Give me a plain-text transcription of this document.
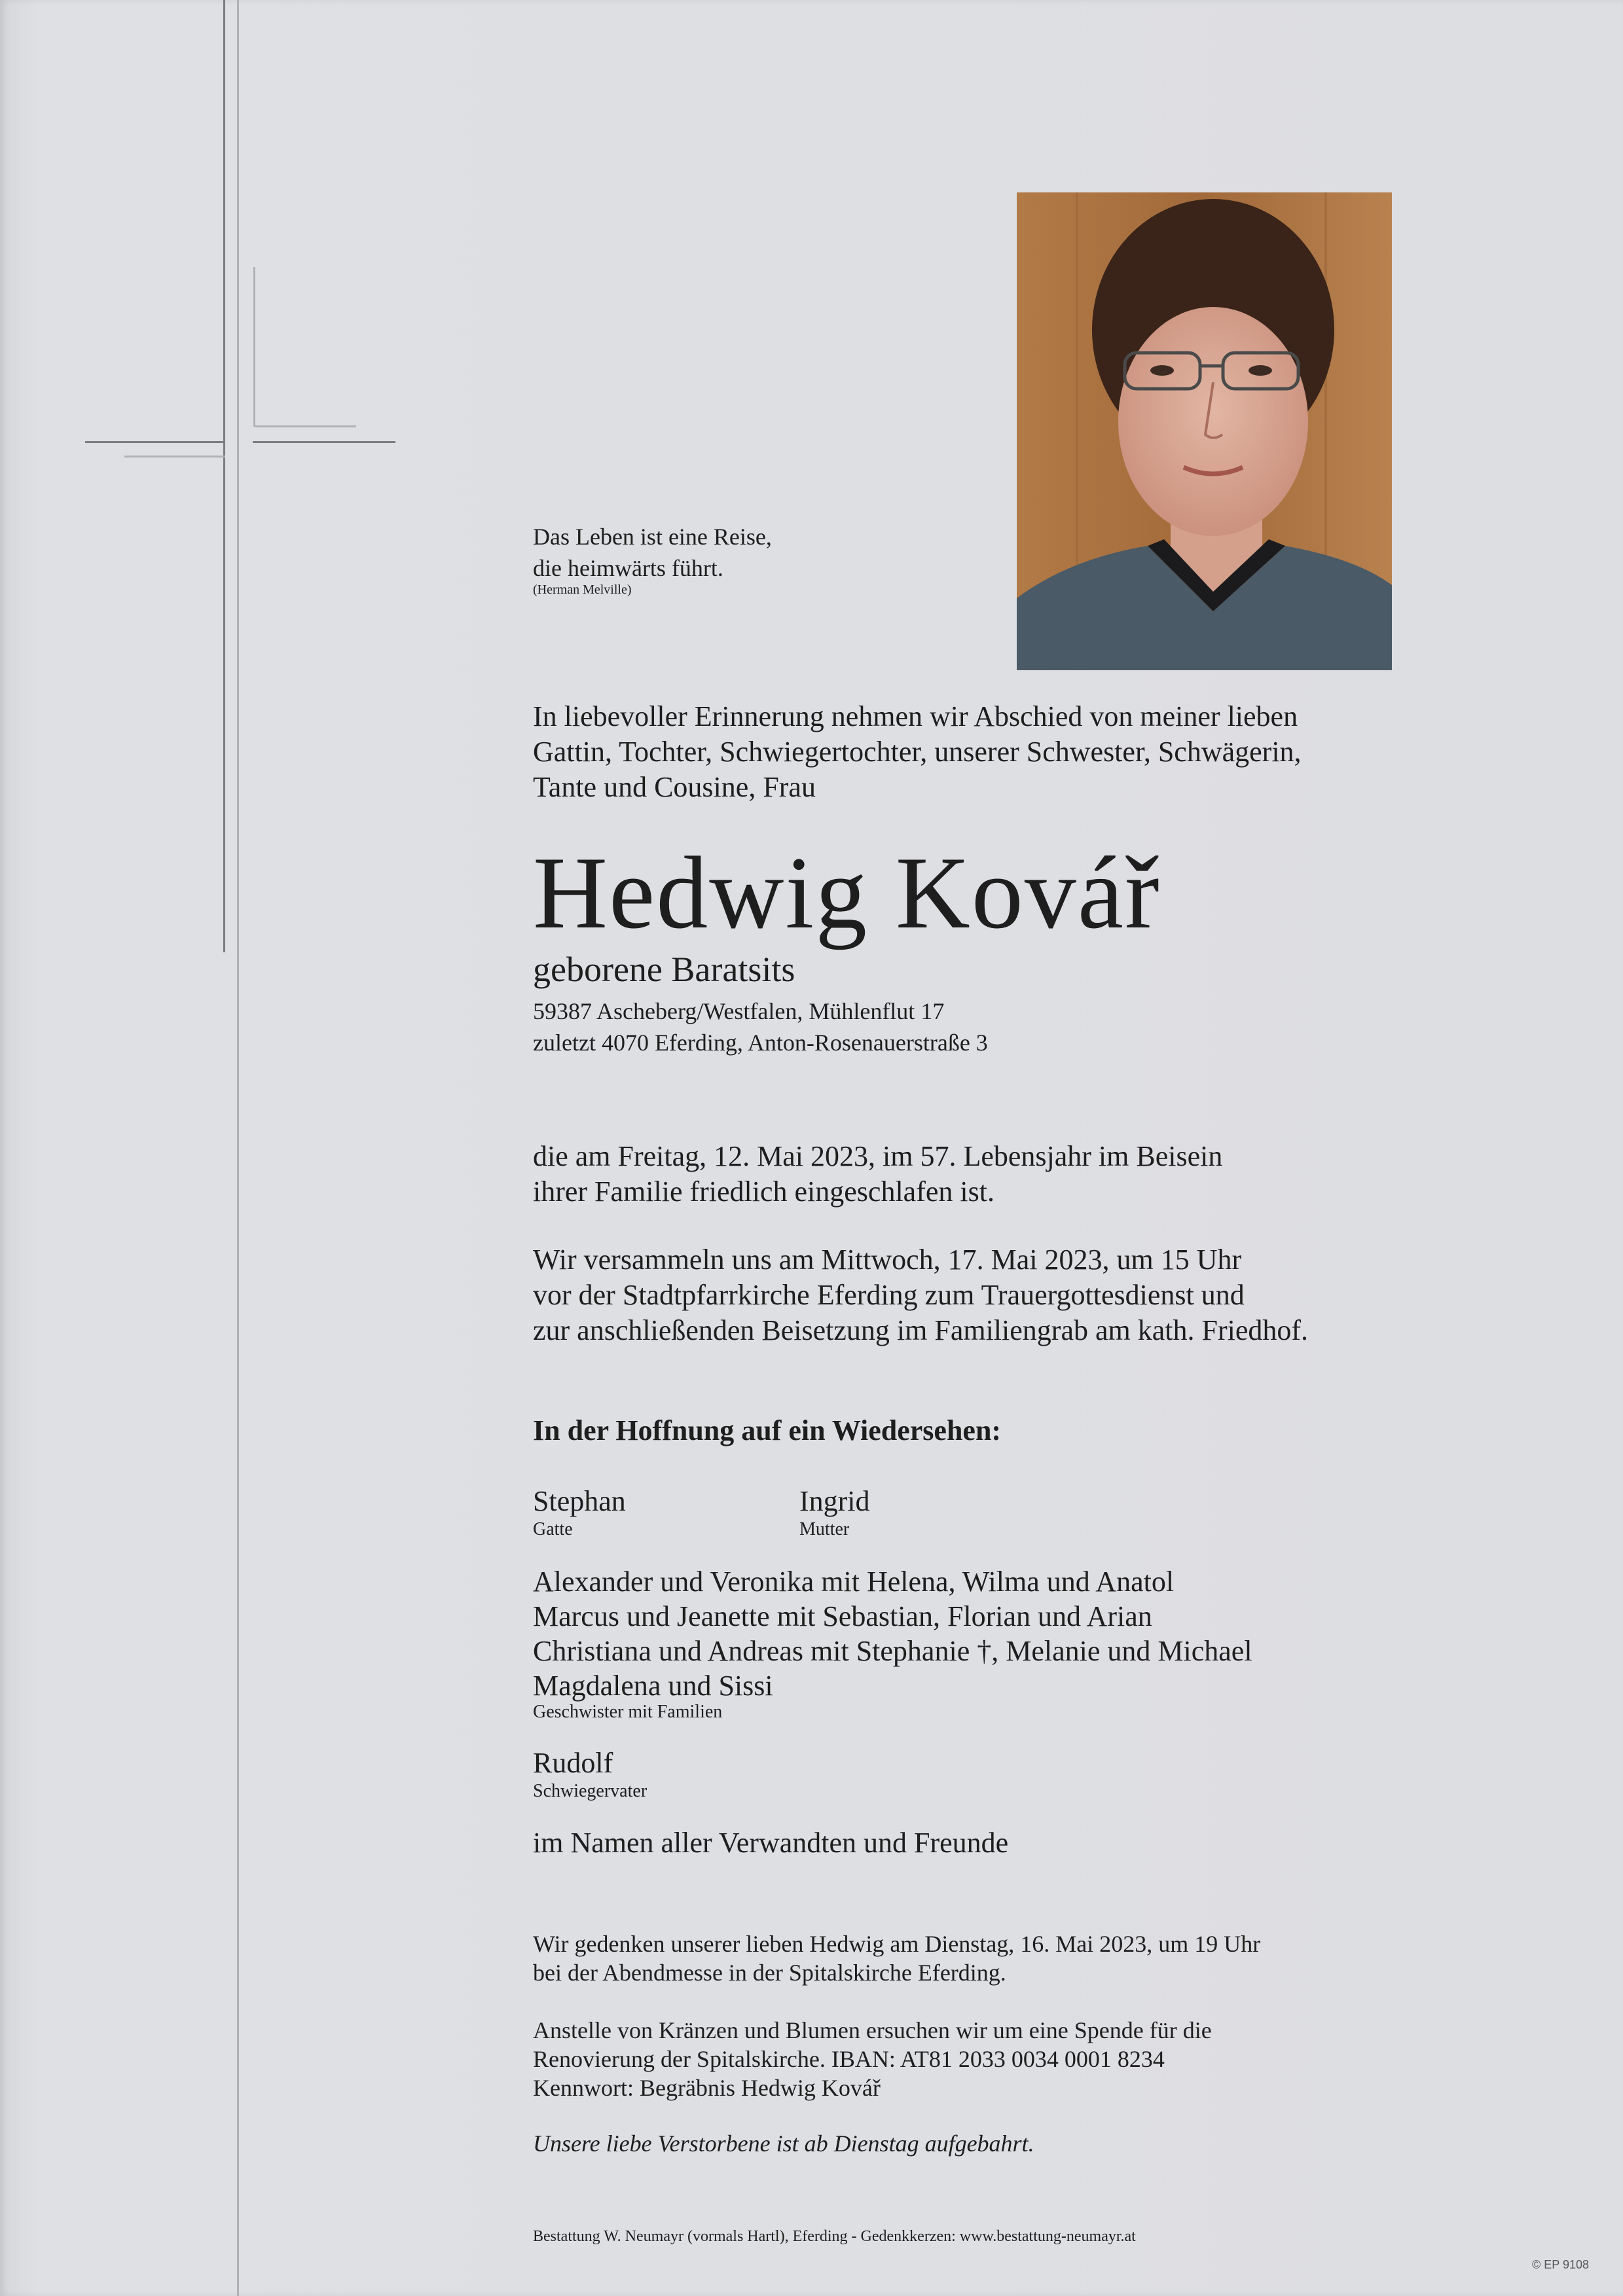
Das Leben ist eine Reise,
die heimwärts führt.
(Herman Melville)
In liebevoller Erinnerung nehmen wir Abschied von meiner lieben
Gattin, Tochter, Schwiegertochter, unserer Schwester, Schwägerin,
Tante und Cousine, Frau
Hedwig Kovář
geborene Baratsits
59387 Ascheberg/Westfalen, Mühlenflut 17
zuletzt 4070 Eferding, Anton-Rosenauerstraße 3
die am Freitag, 12. Mai 2023, im 57. Lebensjahr im Beisein
ihrer Familie friedlich eingeschlafen ist.
Wir versammeln uns am Mittwoch, 17. Mai 2023, um 15 Uhr
vor der Stadtpfarrkirche Eferding zum Trauergottesdienst und
zur anschließenden Beisetzung im Familiengrab am kath. Friedhof.
In der Hoffnung auf ein Wiedersehen:
Stephan
Gatte
Ingrid
Mutter
Alexander und Veronika mit Helena, Wilma und Anatol
Marcus und Jeanette mit Sebastian, Florian und Arian
Christiana und Andreas mit Stephanie †, Melanie und Michael
Magdalena und Sissi
Geschwister mit Familien
Rudolf
Schwiegervater
im Namen aller Verwandten und Freunde
Wir gedenken unserer lieben Hedwig am Dienstag, 16. Mai 2023, um 19 Uhr
bei der Abendmesse in der Spitalskirche Eferding.
Anstelle von Kränzen und Blumen ersuchen wir um eine Spende für die
Renovierung der Spitalskirche. IBAN: AT81 2033 0034 0001 8234
Kennwort: Begräbnis Hedwig Kovář
Unsere liebe Verstorbene ist ab Dienstag aufgebahrt.
Bestattung W. Neumayr (vormals Hartl), Eferding - Gedenkkerzen: www.bestattung-neumayr.at
© EP 9108
